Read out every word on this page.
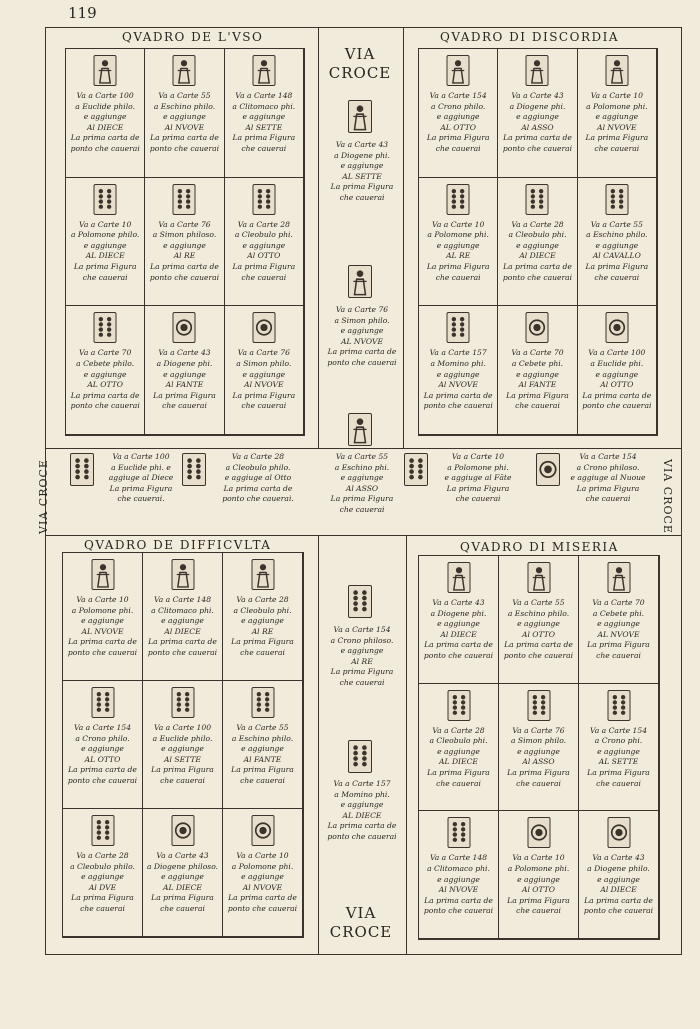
119
QVADRO DE L'VSO	QVADRO DI DISCORDIA
QVADRO DE DIFFICVLTA	QVADRO DI MISERIA
Va a Carte 100
a Euclide philo.
e aggiunge
Al DIECE
La prima carta de
ponto che cauerai
Va a Carte 55
a Eschino philo.
e aggiunge
Al NVOVE
La prima carta de
ponto che cauerai
Va a Carte 148
a Clitomaco phi.
e aggiunge
Al SETTE
La prima Figura
che cauerai
Va a Carte 10
a Polomone philo.
e aggiunge
AL DIECE
La prima Figura
che cauerai
Va a Carte 76
a Simon philoso.
e aggiunge
Al RE
La prima carta de
ponto che cauerai
Va a Carte 28
a Cleobulo phi.
e aggiunge
Al OTTO
La prima Figura
che cauerai
Va a Carte 70
a Cebete philo.
e aggiunge
AL OTTO
La prima carta de
ponto che cauerai
Va a Carte 43
a Diogene phi.
e aggiunge
Al FANTE
La prima Figura
che cauerai
Va a Carte 76
a Simon philo.
e aggiunge
Al NVOVE
La prima Figura
che cauerai
Va a Carte 154
a Crono philo.
e aggiunge
AL OTTO
La prima Figura
che cauerai
Va a Carte 43
a Diogene phi.
e aggiunge
Al ASSO
La prima carta de
ponto che cauerai
Va a Carte 10
a Polomone phi.
e aggiunge
Al NVOVE
La prima Figura
che cauerai
Va a Carte 10
a Polomone phi.
e aggiunge
AL RE
La prima Figura
che cauerai
Va a Carte 28
a Cleobulo phi.
e aggiunge
Al DIECE
La prima carta de
ponto che cauerai
Va a Carte 55
a Eschino philo.
e aggiunge
Al CAVALLO
La prima Figura
che cauerai
Va a Carte 157
a Momino phi.
e aggiunge
Al NVOVE
La prima carta de
ponto che cauerai
Va a Carte 70
a Cebete phi.
e aggiunge
Al FANTE
La prima Figura
che cauerai
Va a Carte 100
a Euclide phi.
e aggiunge
Al OTTO
La prima carta de
ponto che cauerai
Va a Carte 10
a Polomone phi.
e aggiunge
AL NVOVE
La prima carta de
ponto che cauerai
Va a Carte 148
a Clitomaco phi.
e aggiunge
Al DIECE
La prima carta de
ponto che cauerai
Va a Carte 28
a Cleobulo phi.
e aggiunge
Al RE
La prima Figura
che cauerai
Va a Carte 154
a Crono philo.
e aggiunge
AL OTTO
La prima carta de
ponto che cauerai
Va a Carte 100
a Euclide philo.
e aggiunge
Al SETTE
La prima Figura
che cauerai
Va a Carte 55
a Eschino philo.
e aggiunge
Al FANTE
La prima Figura
che cauerai
Va a Carte 28
a Cleobulo philo.
e aggiunge
Al DVE
La prima Figura
che cauerai
Va a Carte 43
a Diogene philoso.
e aggiunge
AL DIECE
La prima Figura
che cauerai
Va a Carte 10
a Polomone phi.
e aggiunge
Al NVOVE
La prima carta de
ponto che cauerai
Va a Carte 43
a Diogene phi.
e aggiunge
Al DIECE
La prima carta de
ponto che cauerai
Va a Carte 55
a Eschino philo.
e aggiunge
Al OTTO
La prima carta de
ponto che cauerai
Va a Carte 70
a Cebete phi.
e aggiunge
AL NVOVE
La prima Figura
che cauerai
Va a Carte 28
a Cleobulo phi.
e aggiunge
AL DIECE
La prima Figura
che cauerai
Va a Carte 76
a Simon philo.
e aggiunge
Al ASSO
La prima Figura
che cauerai
Va a Carte 154
a Crono phi.
e aggiunge
AL SETTE
La prima Figura
che cauerai
Va a Carte 148
a Clitomaco phi.
e aggiunge
Al NVOVE
La prima carta de
ponto che cauerai
Va a Carte 10
a Polomone phi.
e aggiunge
Al OTTO
La prima Figura
che cauerai
Va a Carte 43
a Diogene philo.
e aggiunge
Al DIECE
La prima carta de
ponto che cauerai
VIA
CROCE
Va a Carte 43
a Diogene phi.
e aggiunge
AL SETTE
La prima Figura
che cauerai
Va a Carte 76
a Simon philo.
e aggiunge
AL NVOVE
La prima carta de
ponto che cauerai
VIA CROCE	VIA CROCE
Va a Carte 100
a Euclide phi. e
aggiuge al Diece
La prima Figura
che cauerai.
Va a Carte 28
a Cleobulo philo.
e aggiuge al Otto
La prima carta de
ponto che cauerai.
Va a Carte 55
a Eschino phi.
e aggiunge
Al ASSO
La prima Figura
che cauerai
Va a Carte 10
a Polomone phi.
e aggiuge al Fāte
La prima Figura
che cauerai
Va a Carte 154
a Crono philoso.
e aggiuge al Nuoue
La prima Figura
che cauerai
Va a Carte 154
a Crono philoso.
e aggiunge
Al RE
La prima Figura
che cauerai
Va a Carte 157
a Momino phi.
e aggiunge
AL DIECE
La prima carta de
ponto che cauerai
VIA
CROCE
